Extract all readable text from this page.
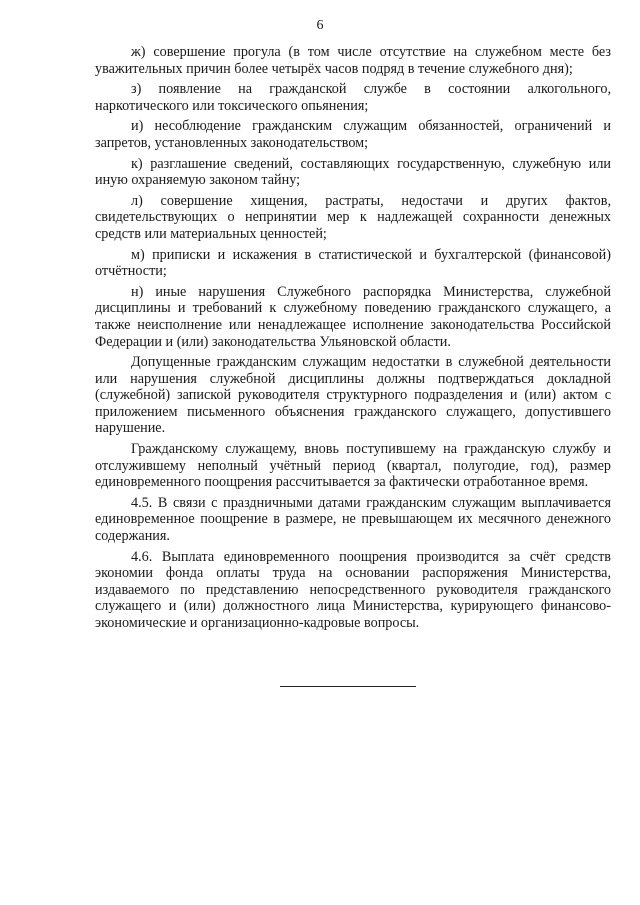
6

ж) совершение прогула (в том числе отсутствие на служебном месте без уважительных причин более четырёх часов подряд в течение служебного дня);

з) появление на гражданской службе в состоянии алкогольного, наркотического или токсического опьянения;

и) несоблюдение гражданским служащим обязанностей, ограничений и запретов, установленных законодательством;

к) разглашение сведений, составляющих государственную, служебную или иную охраняемую законом тайну;

л) совершение хищения, растраты, недостачи и других фактов, свидетельствующих о непринятии мер к надлежащей сохранности денежных средств или материальных ценностей;

м) приписки и искажения в статистической и бухгалтерской (финансовой) отчётности;

н) иные нарушения Служебного распорядка Министерства, служебной дисциплины и требований к служебному поведению гражданского служащего, а также неисполнение или ненадлежащее исполнение законодательства Российской Федерации и (или) законодательства Ульяновской области.

Допущенные гражданским служащим недостатки в служебной деятельности или нарушения служебной дисциплины должны подтверждаться докладной (служебной) запиской руководителя структурного подразделения и (или) актом с приложением письменного объяснения гражданского служащего, допустившего нарушение.

Гражданскому служащему, вновь поступившему на гражданскую службу и отслужившему неполный учётный период (квартал, полугодие, год), размер единовременного поощрения рассчитывается за фактически отработанное время.

4.5. В связи с праздничными датами гражданским служащим выплачивается единовременное поощрение в размере, не превышающем их месячного денежного содержания.

4.6. Выплата единовременного поощрения производится за счёт средств экономии фонда оплаты труда на основании распоряжения Министерства, издаваемого по представлению непосредственного руководителя гражданского служащего и (или) должностного лица Министерства, курирующего финансово-экономические и организационно-кадровые вопросы.
